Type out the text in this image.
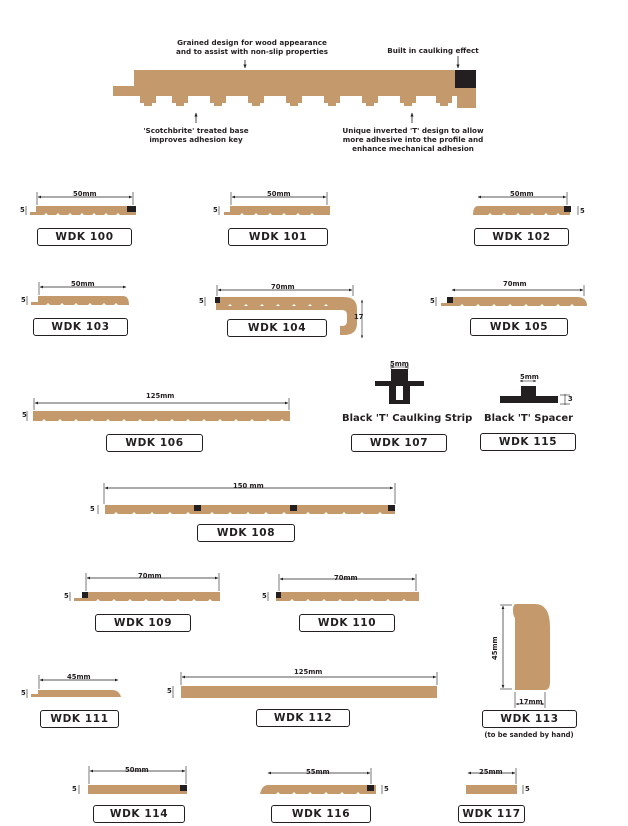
Grained design for wood appearance
and to assist with non-slip properties	Built in caulking effect
'Scotchbrite' treated base
improves adhesion key
Unique inverted 'T' design to allow
more adhesive into the profile and
enhance mechanical adhesion
50mm
5
50mm
5
50mm
5
50mm
5
70mm
5
17
70mm
5
125mm
5
5mm
5mm
3
150 mm
5
70mm
5
70mm
5
45mm
5
125mm
5
17mm
45mm
50mm
5
55mm
5
25mm
5
Black 'T' Caulking Strip Black 'T' Spacer
(to be sanded by hand)
WDK 100	WDK 101	WDK 102
WDK 103	WDK 104	WDK 105
WDK 106	WDK 107	WDK 115
WDK 108
WDK 109	WDK 110
WDK 111	WDK 112	WDK 113
WDK 114	WDK 116	WDK 117
